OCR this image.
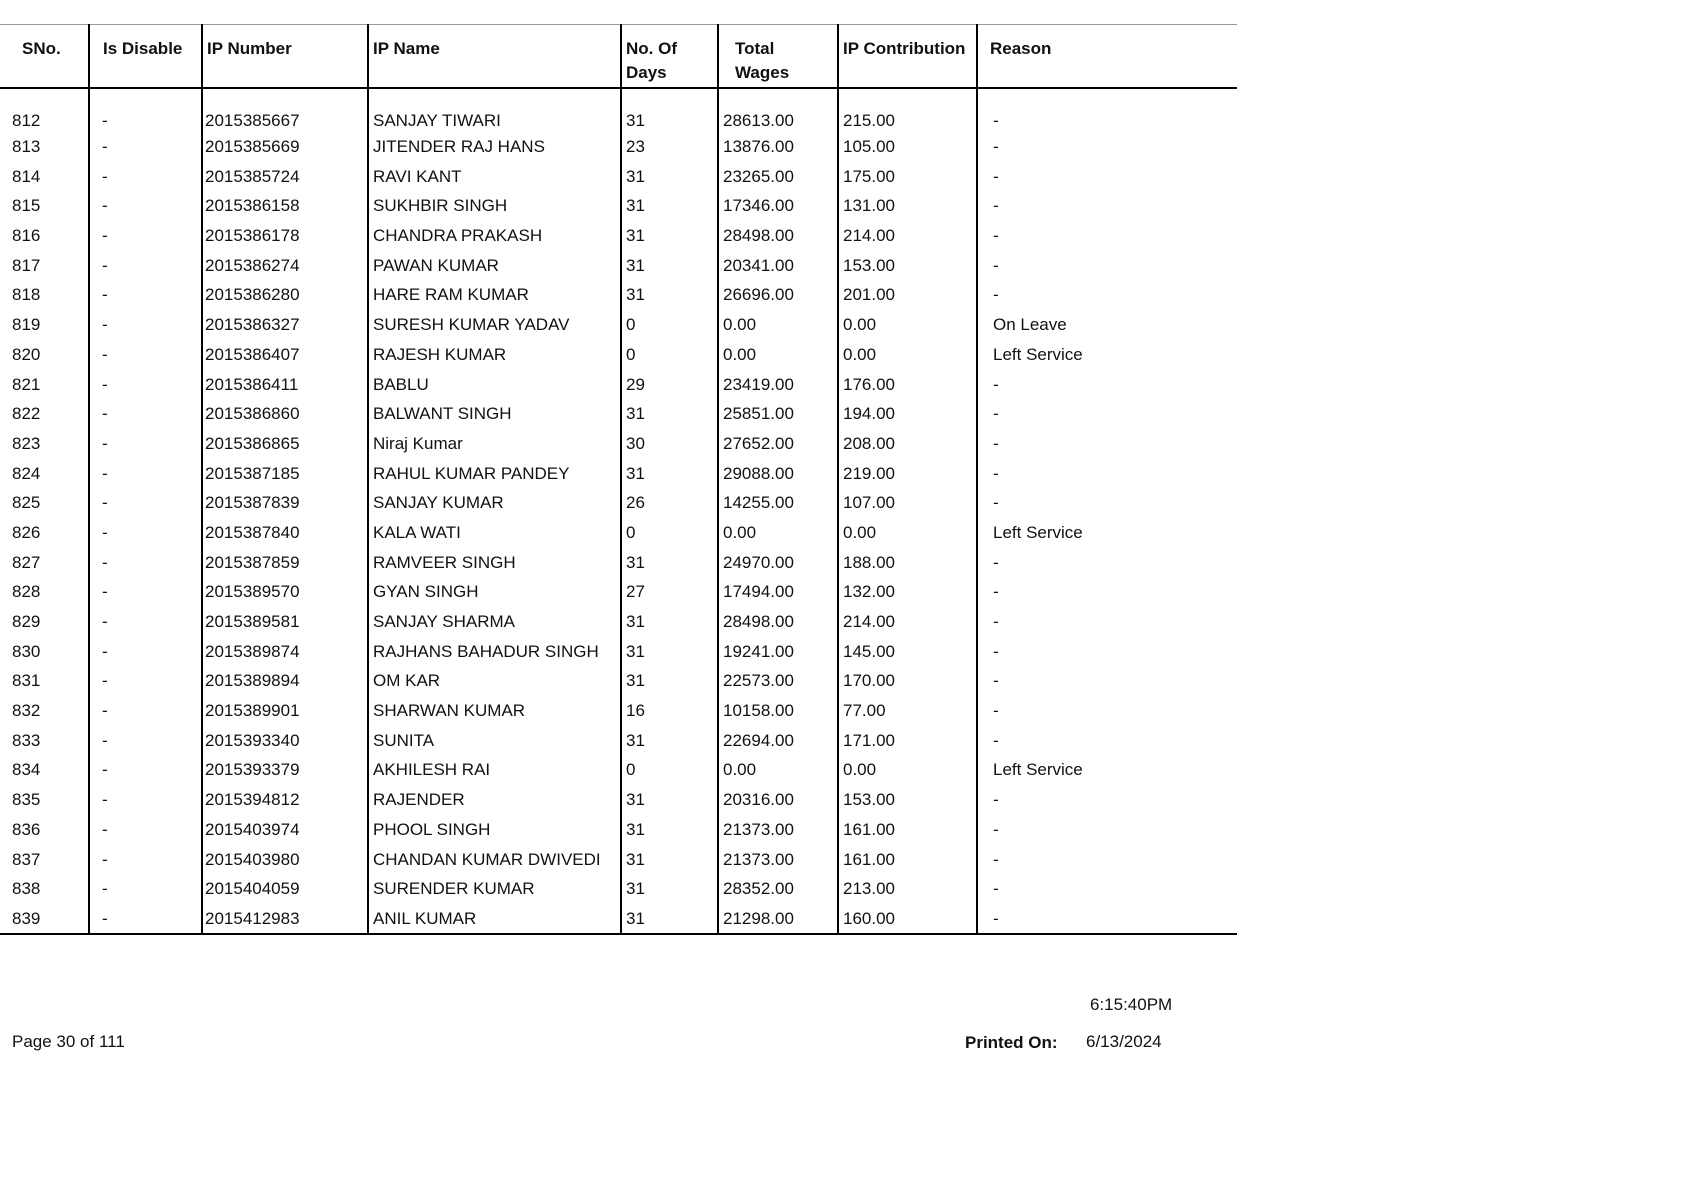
SNo.	Is Disable	IP Number	IP Name	No. Of Days	Total Wages	IP Contribution	Reason
812	-	2015385667	SANJAY TIWARI	31	28613.00	215.00	-
813	-	2015385669	JITENDER RAJ HANS	23	13876.00	105.00	-
814	-	2015385724	RAVI KANT	31	23265.00	175.00	-
815	-	2015386158	SUKHBIR SINGH	31	17346.00	131.00	-
816	-	2015386178	CHANDRA PRAKASH	31	28498.00	214.00	-
817	-	2015386274	PAWAN KUMAR	31	20341.00	153.00	-
818	-	2015386280	HARE RAM KUMAR	31	26696.00	201.00	-
819	-	2015386327	SURESH KUMAR YADAV	0	0.00	0.00	On Leave
820	-	2015386407	RAJESH KUMAR	0	0.00	0.00	Left Service
821	-	2015386411	BABLU	29	23419.00	176.00	-
822	-	2015386860	BALWANT SINGH	31	25851.00	194.00	-
823	-	2015386865	Niraj Kumar	30	27652.00	208.00	-
824	-	2015387185	RAHUL KUMAR PANDEY	31	29088.00	219.00	-
825	-	2015387839	SANJAY KUMAR	26	14255.00	107.00	-
826	-	2015387840	KALA WATI	0	0.00	0.00	Left Service
827	-	2015387859	RAMVEER SINGH	31	24970.00	188.00	-
828	-	2015389570	GYAN SINGH	27	17494.00	132.00	-
829	-	2015389581	SANJAY SHARMA	31	28498.00	214.00	-
830	-	2015389874	RAJHANS BAHADUR SINGH	31	19241.00	145.00	-
831	-	2015389894	OM KAR	31	22573.00	170.00	-
832	-	2015389901	SHARWAN KUMAR	16	10158.00	77.00	-
833	-	2015393340	SUNITA	31	22694.00	171.00	-
834	-	2015393379	AKHILESH RAI	0	0.00	0.00	Left Service
835	-	2015394812	RAJENDER	31	20316.00	153.00	-
836	-	2015403974	PHOOL SINGH	31	21373.00	161.00	-
837	-	2015403980	CHANDAN KUMAR DWIVEDI	31	21373.00	161.00	-
838	-	2015404059	SURENDER KUMAR	31	28352.00	213.00	-
839	-	2015412983	ANIL KUMAR	31	21298.00	160.00	-
6:15:40PM
Page 30 of 111	Printed On: 6/13/2024
